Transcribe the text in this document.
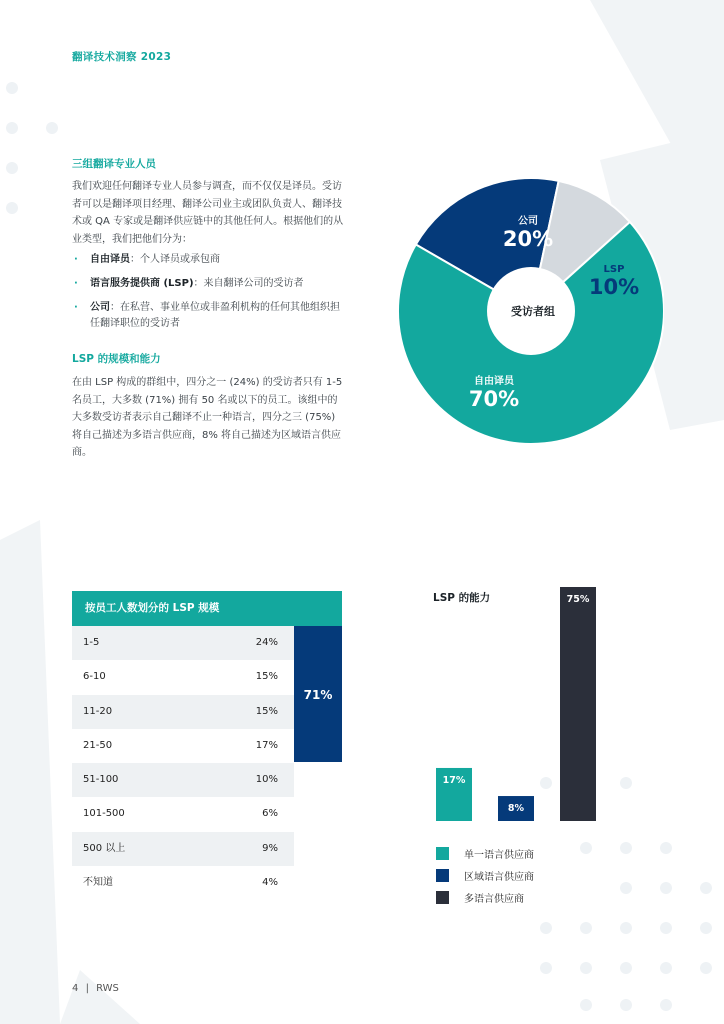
翻译技术洞察 2023
三组翻译专业人员
我们欢迎任何翻译专业人员参与调查，而不仅仅是译员。受访者可以是翻译项目经理、翻译公司业主或团队负责人、翻译技术或 QA 专家或是翻译供应链中的其他任何人。根据他们的从业类型，我们把他们分为：
· 自由译员：个人译员或承包商
· 语言服务提供商 (LSP)：来自翻译公司的受访者
· 公司：在私营、事业单位或非盈利机构的任何其他组织担任翻译职位的受访者
LSP 的规模和能力
在由 LSP 构成的群组中，四分之一 (24%) 的受访者只有 1-5 名员工，大多数 (71%) 拥有 50 名或以下的员工。该组中的大多数受访者表示自己翻译不止一种语言，四分之三 (75%) 将自己描述为多语言供应商，8% 将自己描述为区域语言供应商。
受访者组
公司
20%
LSP
10%
自由译员
70%
按员工人数划分的 LSP 规模
1-5	24%
6-10	15%
11-20	15%
21-50	17%
51-100	10%
101-500	6%
500 以上	9%
不知道	4%
71%
LSP 的能力
17%
8%
75%
单一语言供应商
区域语言供应商
多语言供应商
4 | RWS
